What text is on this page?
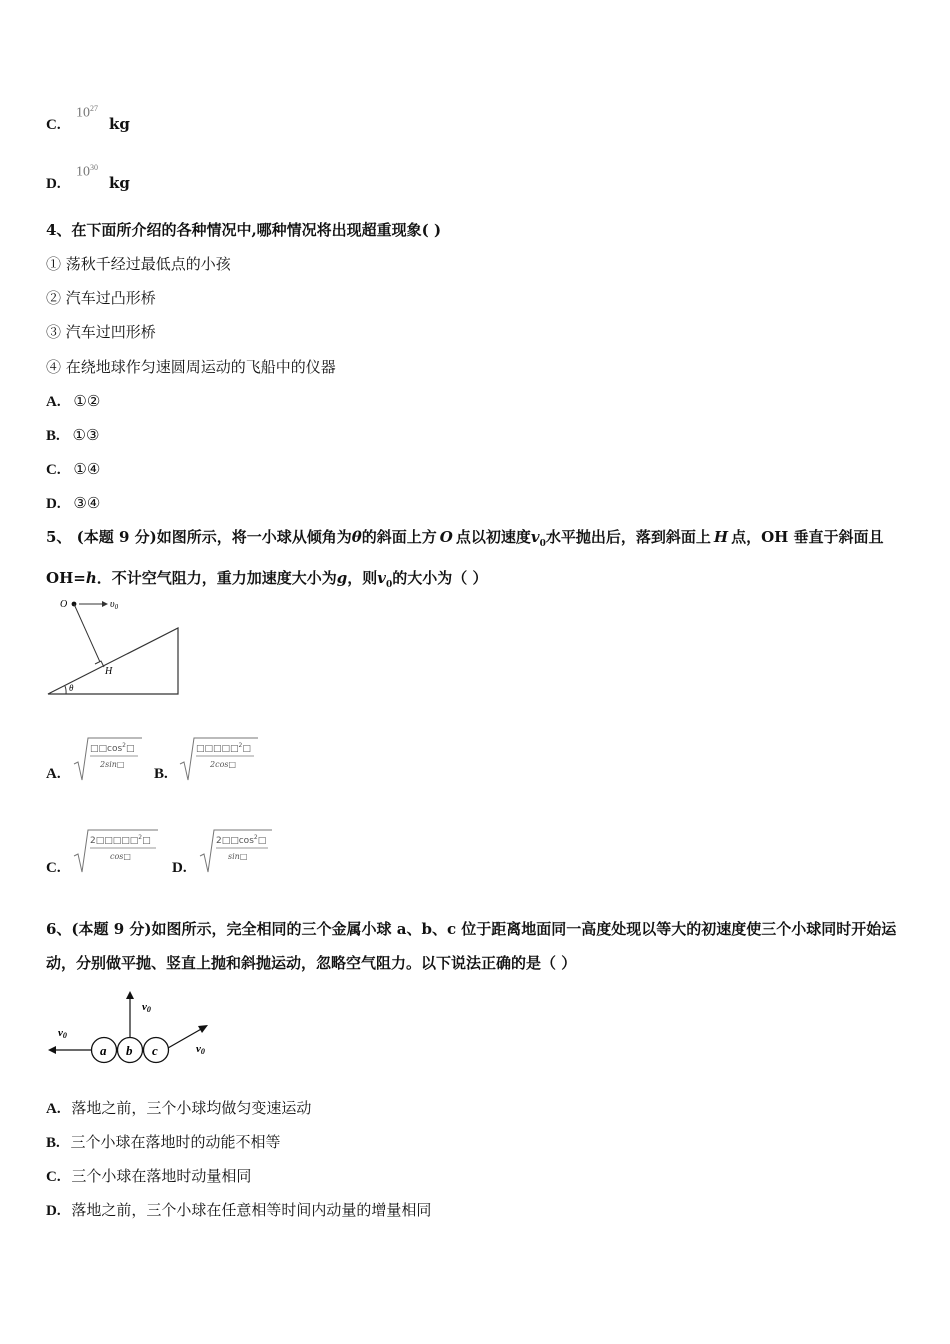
C.
$10^{27}$
kg
D.
$10^{30}$
kg
4、在下面所介绍的各种情况中,哪种情况将出现超重现象( )
① 荡秋千经过最低点的小孩
② 汽车过凸形桥
③ 汽车过凹形桥
④ 在绕地球作匀速圆周运动的飞船中的仪器
A. ①②
B. ①③
C. ①④
D. ③④
5、 (本题 9 分)如图所示，将一小球从倾角为θ的斜面上方 O 点以初速度$v_0$水平抛出后，落到斜面上 H 点，OH 垂直于斜面且 OH=h．不计空气阻力，重力加速度大小为g，则$v_0$的大小为（ ）
O	$\upsilon_0$
H
θ
A.
$□□\cos^2□$
2sin□
B.
□□□□□$^2$□
2cos□
C.
2□□□□□$^2$□
cos□
D.
$2□□\cos^2□$
sin□
6、(本题 9 分)如图所示，完全相同的三个金属小球 a、b、c 位于距离地面同一高度处现以等大的初速度使三个小球同时开始运动，分别做平抛、竖直上抛和斜抛运动，忽略空气阻力。以下说法正确的是（ ）
a b c
v0
v0
v0
A. 落地之前，三个小球均做匀变速运动
B. 三个小球在落地时的动能不相等
C. 三个小球在落地时动量相同
D. 落地之前，三个小球在任意相等时间内动量的增量相同
